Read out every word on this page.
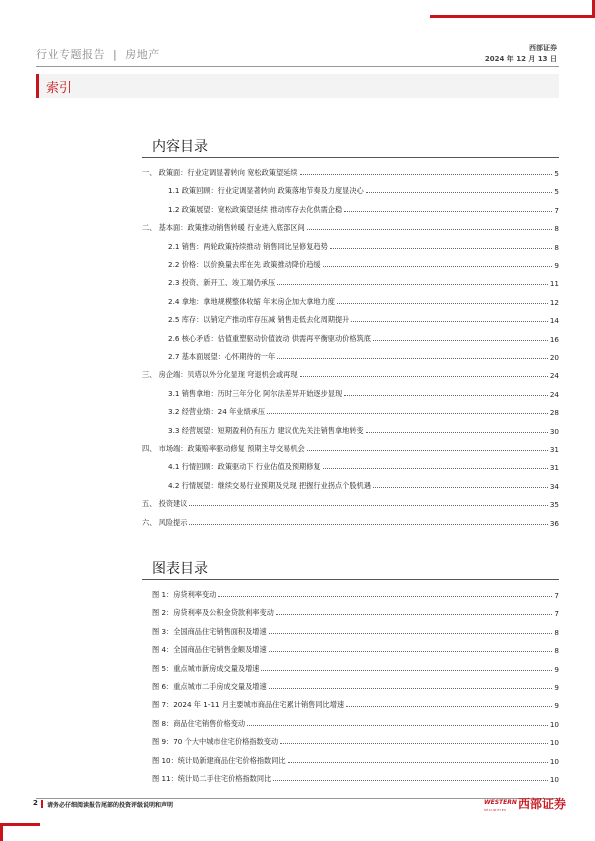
行业专题报告 | 房地产	西部证券
2024 年 12 月 13 日
索引
内容目录
一、 政策面：行业定调显著转向 宽松政策望延续	5
1.1 政策回顾：行业定调显著转向 政策落地节奏及力度显决心	5
1.2 政策展望：宽松政策望延续 推动库存去化供需企稳	7
二、 基本面：政策推动销售转暖 行业进入底部区间	8
2.1 销售：两轮政策持续推动 销售同比呈修复趋势	8
2.2 价格：以价换量去库在先 政策推动降价趋缓	9
2.3 投资、新开工、竣工端仍承压	11
2.4 拿地：拿地规模整体收缩 年末房企加大拿地力度	12
2.5 库存：以销定产推动库存压减 销售走低去化周期提升	14
2.6 核心矛盾：估值重塑驱动价值波动 供需再平衡驱动价格筑底	16
2.7 基本面展望：心怀期待的一年	20
三、 房企端：贝塔以外分化显现 穹退机会或再现	24
3.1 销售拿地：历时三年分化 阿尔法差异开始逐步显现	24
3.2 经营业绩：24 年业绩承压	28
3.3 经营展望：短期盈利仍有压力 建议优先关注销售拿地转变	30
四、 市场端：政策赔率驱动修复 预期主导交易机会	31
4.1 行情回顾：政策驱动下 行业估值及预期修复	31
4.2 行情展望：继续交易行业预期及兑现 把握行业拐点个股机遇	34
五、 投资建议	35
六、 风险提示	36
图表目录
图 1：房贷利率变动	7
图 2：房贷利率及公积金贷款利率变动	7
图 3：全国商品住宅销售面积及增速	8
图 4：全国商品住宅销售金额及增速	8
图 5：重点城市新房成交量及增速	9
图 6：重点城市二手房成交量及增速	9
图 7：2024 年 1-11 月主要城市商品住宅累计销售同比增速	9
图 8：商品住宅销售价格变动	10
图 9：70 个大中城市住宅价格指数变动	10
图 10：统计局新建商品住宅价格指数同比	10
图 11：统计局二手住宅价格指数同比	10
2 请务必仔细阅读报告尾部的投资评级说明和声明	WESTERN 西部证券
SECURITIES
